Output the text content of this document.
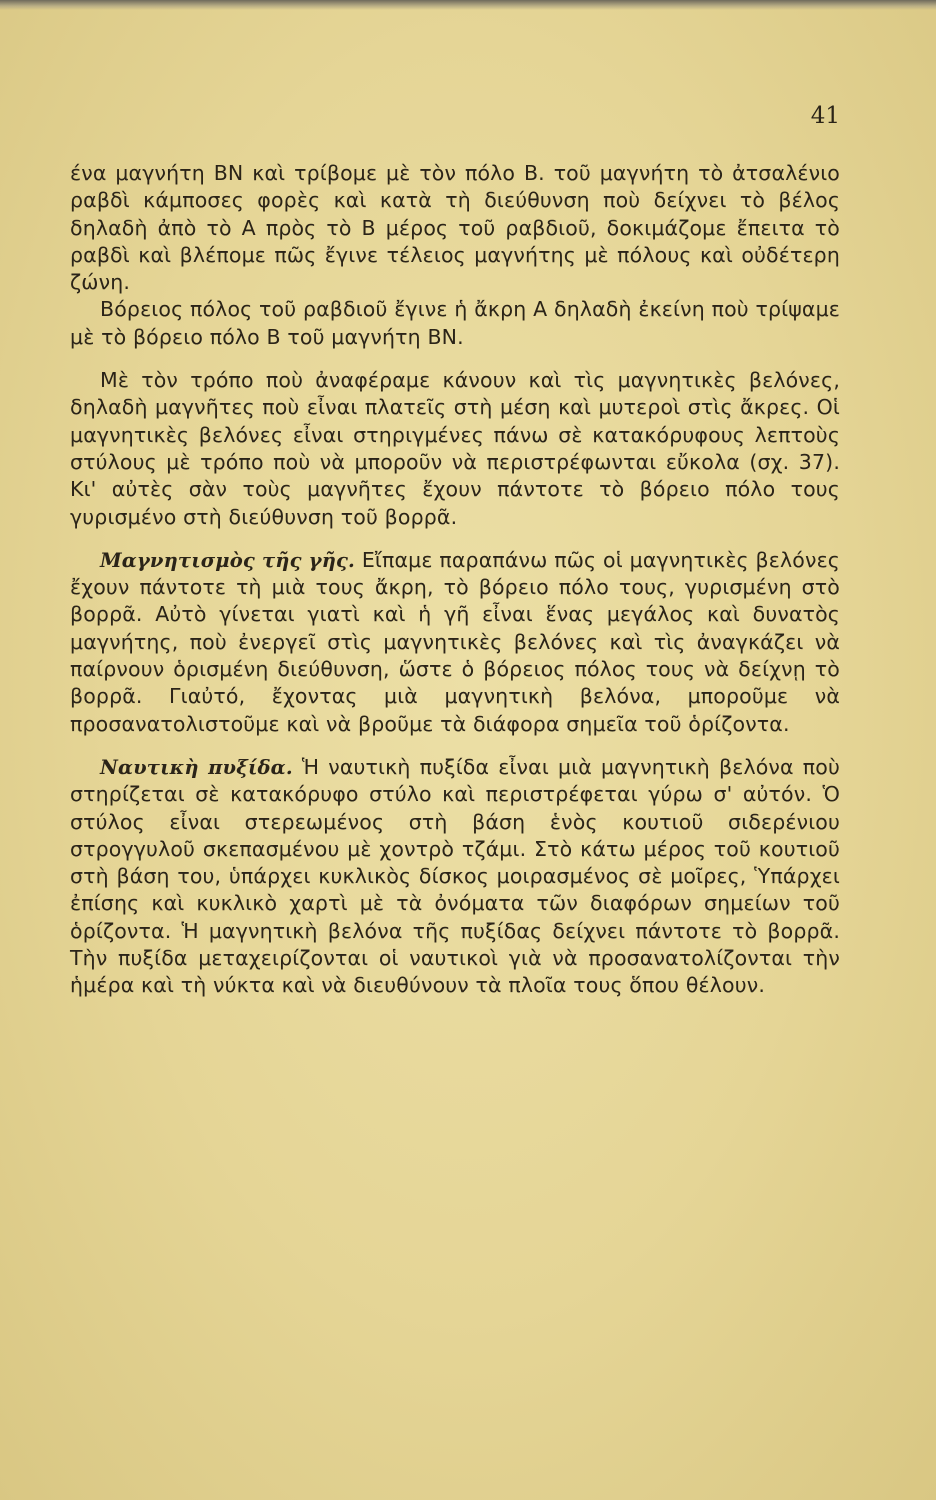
41

ένα μαγνήτη ΒΝ καὶ τρίβομε μὲ τὸν πόλο Β. τοῦ μαγνήτη τὸ ἀτσαλένιο ραβδὶ κάμποσες φορὲς καὶ κατὰ τὴ διεύθυνση ποὺ δείχνει τὸ βέλος δηλαδὴ ἀπὸ τὸ Α πρὸς τὸ Β μέρος τοῦ ραβδιοῦ, δοκιμάζομε ἔπειτα τὸ ραβδὶ καὶ βλέπομε πῶς ἔγινε τέλειος μαγνήτης μὲ πόλους καὶ οὐδέτερη ζώνη.

Βόρειος πόλος τοῦ ραβδιοῦ ἔγινε ἡ ἄκρη Α δηλαδὴ ἐκείνη ποὺ τρίψαμε μὲ τὸ βόρειο πόλο Β τοῦ μαγνήτη ΒΝ.

Μὲ τὸν τρόπο ποὺ ἀναφέραμε κάνουν καὶ τὶς μαγνητικὲς βελόνες, δηλαδὴ μαγνῆτες ποὺ εἶναι πλατεῖς στὴ μέση καὶ μυτεροὶ στὶς ἄκρες. Οἱ μαγνητικὲς βελόνες εἶναι στηριγμένες πάνω σὲ κατακόρυφους λεπτοὺς στύλους μὲ τρόπο ποὺ νὰ μποροῦν νὰ περιστρέφωνται εὔκολα (σχ. 37). Κι' αὐτὲς σὰν τοὺς μαγνῆτες ἔχουν πάντοτε τὸ βόρειο πόλο τους γυρισμένο στὴ διεύθυνση τοῦ βορρᾶ.

Μαγνητισμὸς τῆς γῆς. Εἴπαμε παραπάνω πῶς οἱ μαγνητικὲς βελόνες ἔχουν πάντοτε τὴ μιὰ τους ἄκρη, τὸ βόρειο πόλο τους, γυρισμένη στὸ βορρᾶ. Αὐτὸ γίνεται γιατὶ καὶ ἡ γῆ εἶναι ἕνας μεγάλος καὶ δυνατὸς μαγνήτης, ποὺ ἐνεργεῖ στὶς μαγνητικὲς βελόνες καὶ τὶς ἀναγκάζει νὰ παίρνουν ὁρισμένη διεύθυνση, ὥστε ὁ βόρειος πόλος τους νὰ δείχνῃ τὸ βορρᾶ. Γιαὐτό, ἔχοντας μιὰ μαγνητικὴ βελόνα, μποροῦμε νὰ προσανατολιστοῦμε καὶ νὰ βροῦμε τὰ διάφορα σημεῖα τοῦ ὁρίζοντα.

Ναυτικὴ πυξίδα. Ἡ ναυτικὴ πυξίδα εἶναι μιὰ μαγνητικὴ βελόνα ποὺ στηρίζεται σὲ κατακόρυφο στύλο καὶ περιστρέφεται γύρω σ' αὐτόν. Ὁ στύλος εἶναι στερεωμένος στὴ βάση ἑνὸς κουτιοῦ σιδερένιου στρογγυλοῦ σκεπασμένου μὲ χοντρὸ τζάμι. Στὸ κάτω μέρος τοῦ κουτιοῦ στὴ βάση του, ὑπάρχει κυκλικὸς δίσκος μοιρασμένος σὲ μοῖρες, Ὑπάρχει ἐπίσης καὶ κυκλικὸ χαρτὶ μὲ τὰ ὀνόματα τῶν διαφόρων σημείων τοῦ ὁρίζοντα. Ἡ μαγνητικὴ βελόνα τῆς πυξίδας δείχνει πάντοτε τὸ βορρᾶ. Τὴν πυξίδα μεταχειρίζονται οἱ ναυτικοὶ γιὰ νὰ προσανατολίζονται τὴν ἡμέρα καὶ τὴ νύκτα καὶ νὰ διευθύνουν τὰ πλοῖα τους ὅπου θέλουν.
